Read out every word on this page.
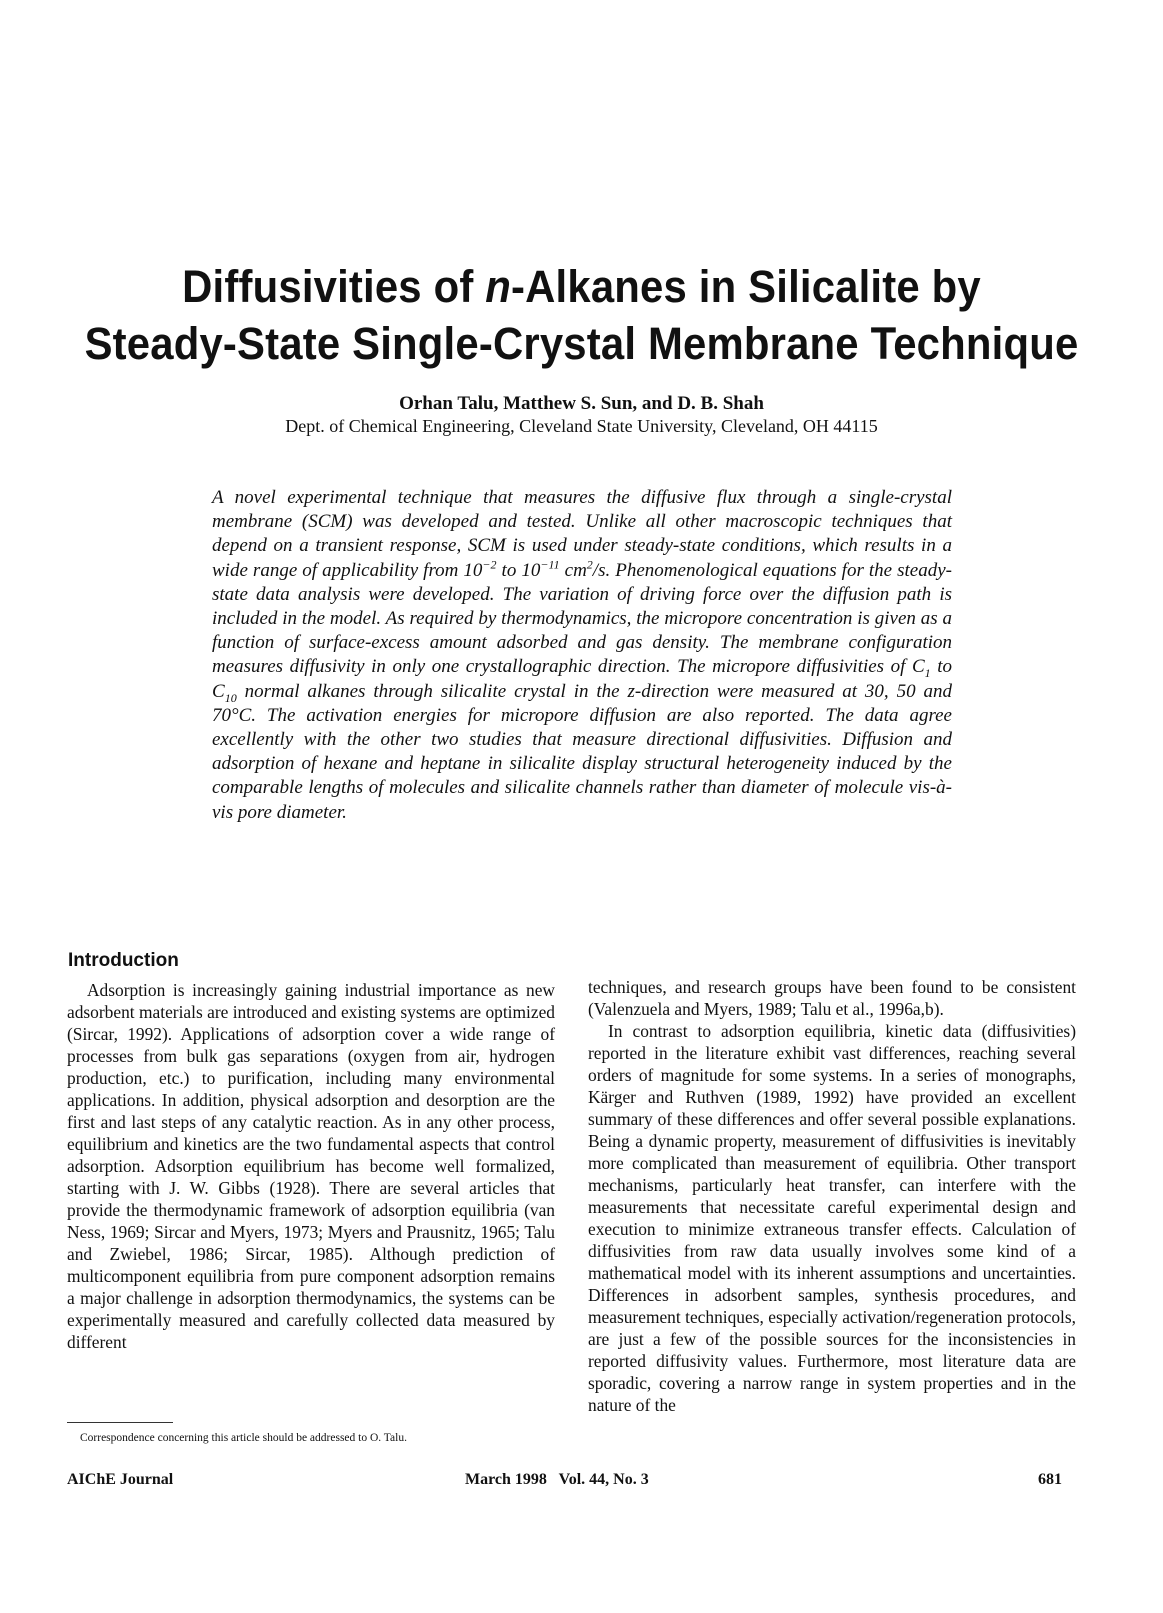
Diffusivities of n-Alkanes in Silicalite by
Steady-State Single-Crystal Membrane Technique
Orhan Talu, Matthew S. Sun, and D. B. Shah
Dept. of Chemical Engineering, Cleveland State University, Cleveland, OH 44115
A novel experimental technique that measures the diffusive flux through a single-crystal membrane (SCM) was developed and tested. Unlike all other macroscopic techniques that depend on a transient response, SCM is used under steady-state conditions, which results in a wide range of applicability from $10^{-2}$ to $10^{-11}$ $cm^2/s$. Phenomenological equations for the steady-state data analysis were developed. The variation of driving force over the diffusion path is included in the model. As required by thermodynamics, the micropore concentration is given as a function of surface-excess amount adsorbed and gas density. The membrane configuration measures diffusivity in only one crystallographic direction. The micropore diffusivities of $C_1$ to $C_{10}$ normal alkanes through silicalite crystal in the z-direction were measured at 30, 50 and 70°C. The activation energies for micropore diffusion are also reported. The data agree excellently with the other two studies that measure directional diffusivities. Diffusion and adsorption of hexane and heptane in silicalite display structural heterogeneity induced by the comparable lengths of molecules and silicalite channels rather than diameter of molecule vis-à-vis pore diameter.
Introduction

Adsorption is increasingly gaining industrial importance as new adsorbent materials are introduced and existing systems are optimized (Sircar, 1992). Applications of adsorption cover a wide range of processes from bulk gas separations (oxygen from air, hydrogen production, etc.) to purification, including many environmental applications. In addition, physical adsorption and desorption are the first and last steps of any catalytic reaction. As in any other process, equilibrium and kinetics are the two fundamental aspects that control adsorption. Adsorption equilibrium has become well formalized, starting with J. W. Gibbs (1928). There are several articles that provide the thermodynamic framework of adsorption equilibria (van Ness, 1969; Sircar and Myers, 1973; Myers and Prausnitz, 1965; Talu and Zwiebel, 1986; Sircar, 1985). Although prediction of multicomponent equilibria from pure component adsorption remains a major challenge in adsorption thermodynamics, the systems can be experimentally measured and carefully collected data measured by different

techniques, and research groups have been found to be consistent (Valenzuela and Myers, 1989; Talu et al., 1996a,b).

In contrast to adsorption equilibria, kinetic data (diffusivities) reported in the literature exhibit vast differences, reaching several orders of magnitude for some systems. In a series of monographs, Kärger and Ruthven (1989, 1992) have provided an excellent summary of these differences and offer several possible explanations. Being a dynamic property, measurement of diffusivities is inevitably more complicated than measurement of equilibria. Other transport mechanisms, particularly heat transfer, can interfere with the measurements that necessitate careful experimental design and execution to minimize extraneous transfer effects. Calculation of diffusivities from raw data usually involves some kind of a mathematical model with its inherent assumptions and uncertainties. Differences in adsorbent samples, synthesis procedures, and measurement techniques, especially activation/regeneration protocols, are just a few of the possible sources for the inconsistencies in reported diffusivity values. Furthermore, most literature data are sporadic, covering a narrow range in system properties and in the nature of the

Correspondence concerning this article should be addressed to O. Talu.
AIChE Journal	March 1998   Vol. 44, No. 3	681
